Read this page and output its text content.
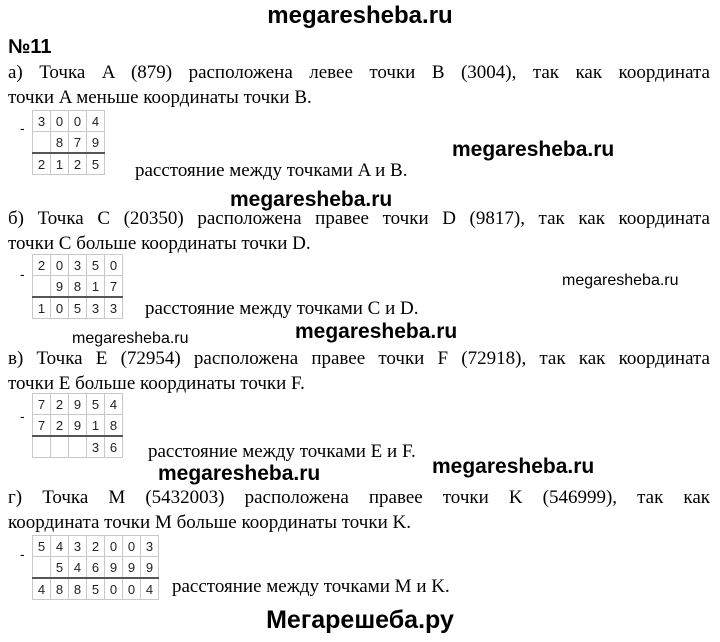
megaresheba.ru
№11
а) Точка A (879) расположена левее точки B (3004), так как координата
точки A меньше координаты точки B.
- 3	0	0	4
	8	7	9
2	1	2	5 расстояние между точками A и B.
megaresheba.ru
megaresheba.ru
б) Точка C (20350) расположена правее точки D (9817), так как координата
точки C больше координаты точки D.
-
2	0	3	5	0
	9	8	1	7
1	0	5	3	3 расстояние между точками C и D.
megaresheba.ru
megaresheba.ru	megaresheba.ru
в) Точка E (72954) расположена правее точки F (72918), так как координата
точки E больше координаты точки F.
-
7	2	9	5	4
7	2	9	1	8
			3	6 расстояние между точками E и F.
megaresheba.ru	megaresheba.ru
г) Точка M (5432003) расположена правее точки K (546999), так как
координата точки M больше координаты точки K.
- 5	4	3	2	0	0	3
	5	4	6	9	9	9
4	8	8	5	0	0	4 расстояние между точками M и K.
Мегарешеба.ру
